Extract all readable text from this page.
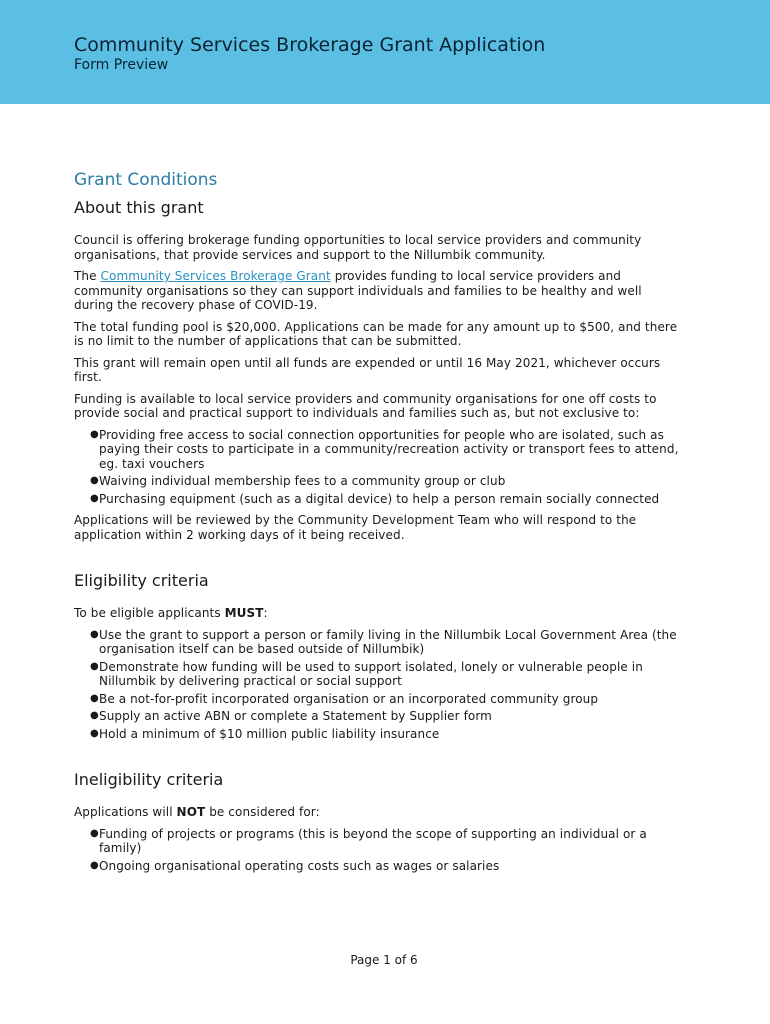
Community Services Brokerage Grant Application
Form Preview
Grant Conditions
About this grant

Council is offering brokerage funding opportunities to local service providers and community organisations, that provide services and support to the Nillumbik community.

The Community Services Brokerage Grant provides funding to local service providers and community organisations so they can support individuals and families to be healthy and well during the recovery phase of COVID-19.

The total funding pool is $20,000. Applications can be made for any amount up to $500, and there is no limit to the number of applications that can be submitted.

This grant will remain open until all funds are expended or until 16 May 2021, whichever occurs first.

Funding is available to local service providers and community organisations for one off costs to provide social and practical support to individuals and families such as, but not exclusive to:

● Providing free access to social connection opportunities for people who are isolated, such as paying their costs to participate in a community/recreation activity or transport fees to attend, eg. taxi vouchers
● Waiving individual membership fees to a community group or club
● Purchasing equipment (such as a digital device) to help a person remain socially connected

Applications will be reviewed by the Community Development Team who will respond to the application within 2 working days of it being received.

Eligibility criteria

To be eligible applicants MUST:

● Use the grant to support a person or family living in the Nillumbik Local Government Area (the organisation itself can be based outside of Nillumbik)
● Demonstrate how funding will be used to support isolated, lonely or vulnerable people in Nillumbik by delivering practical or social support
● Be a not-for-profit incorporated organisation or an incorporated community group
● Supply an active ABN or complete a Statement by Supplier form
● Hold a minimum of $10 million public liability insurance
Ineligibility criteria

Applications will NOT be considered for:

● Funding of projects or programs (this is beyond the scope of supporting an individual or a family)
● Ongoing organisational operating costs such as wages or salaries
Page 1 of 6
